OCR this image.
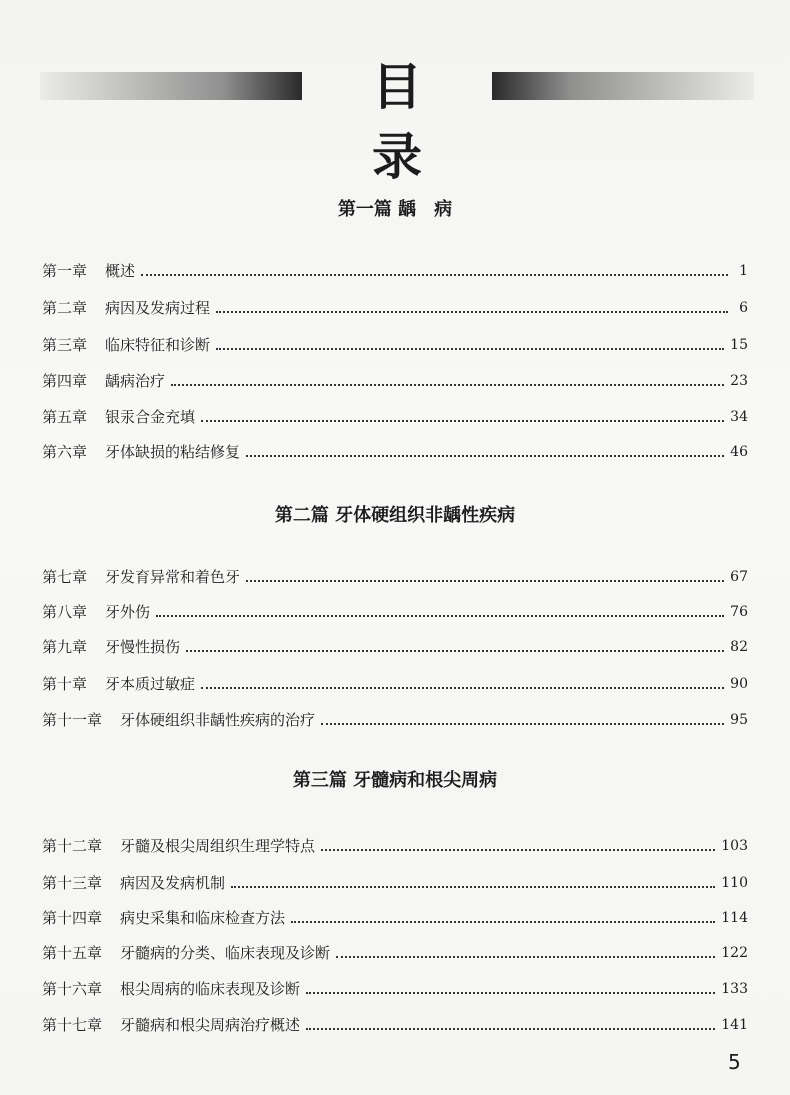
目录
第一篇 龋　病
第一章 概述	1
第二章 病因及发病过程	6
第三章 临床特征和诊断	15
第四章 龋病治疗	23
第五章 银汞合金充填	34
第六章 牙体缺损的粘结修复	46
第二篇 牙体硬组织非龋性疾病
第七章 牙发育异常和着色牙	67
第八章 牙外伤	76
第九章 牙慢性损伤	82
第十章 牙本质过敏症	90
第十一章 牙体硬组织非龋性疾病的治疗	95
第三篇 牙髓病和根尖周病
第十二章 牙髓及根尖周组织生理学特点	103
第十三章 病因及发病机制	110
第十四章 病史采集和临床检查方法	114
第十五章 牙髓病的分类、临床表现及诊断	122
第十六章 根尖周病的临床表现及诊断	133
第十七章 牙髓病和根尖周病治疗概述	141
5
